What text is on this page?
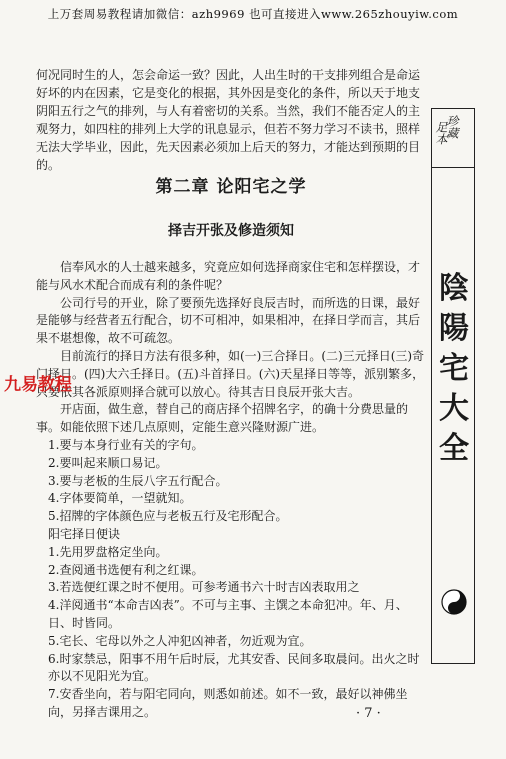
上万套周易教程请加微信：azh9969 也可直接进入www.265zhouyiw.com

何况同时生的人，怎会命运一致？因此，人出生时的干支排列组合是命运好坏的内在因素，它是变化的根据，其外因是变化的条件，所以天于地支阴阳五行之气的排列，与人有着密切的关系。当然，我们不能否定人的主观努力，如四柱的排列上大学的讯息显示，但若不努力学习不读书，照样无法大学毕业，因此，先天因素必须加上后天的努力，才能达到预期的目的。

第二章 论阳宅之学
择吉开张及修造须知

信奉风水的人士越来越多，究竟应如何选择商家住宅和怎样摆设，才能与风水术配合而成有利的条件呢？

公司行号的开业，除了要预先选择好良辰吉时，而所选的日课，最好是能够与经营者五行配合，切不可相冲，如果相冲，在择日学而言，其后果不堪想像，故不可疏忽。

目前流行的择日方法有很多种，如(一)三合择日。(二)三元择日(三)奇门择日。(四)大六壬择日。(五)斗首择日。(六)天星择日等等，派别繁多，只要依其各派原则择合就可以放心。待其吉日良辰开张大吉。

开店面，做生意，替自己的商店择个招牌名字，的确十分费思量的事。如能依照下述几点原则，定能生意兴隆财源广进。

1.要与本身行业有关的字句。
2.要叫起来顺口易记。
3.要与老板的生辰八字五行配合。
4.字体要简单，一望就知。
5.招牌的字体颜色应与老板五行及宅形配合。
阳宅择日便诀
1.先用罗盘格定坐向。
2.查阅通书选便有利之红课。
3.若选便红课之时不便用。可参考通书六十时吉凶表取用之
4.洋阅通书“本命吉凶表”。不可与主事、主馔之本命犯冲。年、月、日、时皆同。
5.宅长、宅母以外之人冲犯凶神者，勿近观为宜。
6.时家禁忌，阳事不用午后时辰，尤其安香、民间多取晨问。出火之时亦以不见阳光为宜。
7.安香坐向，若与阳宅同向，则悉如前述。如不一致，最好以神佛坐向，另择吉课用之。
九易教程
· 7 ·
珍藏
足本
陰
陽
宅
大
全
